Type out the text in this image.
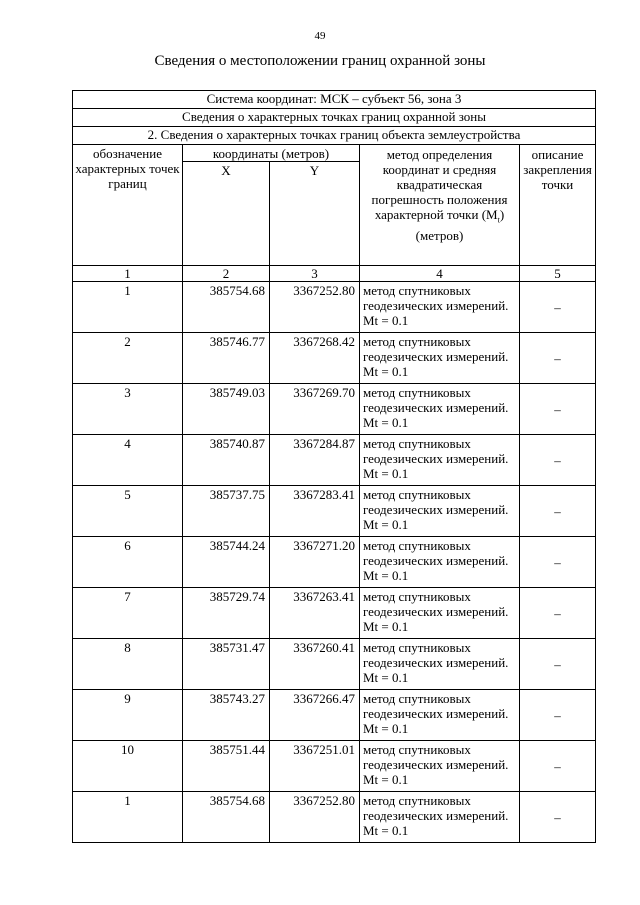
49
Сведения о местоположении границ охранной зоны
Система координат: МСК – субъект 56, зона 3				
Сведения о характерных точках границ охранной зоны				
2. Сведения о характерных точках границ объекта землеустройства				
обозначение характерных точек границ	координаты (метров)		метод определения координат и средняя квадратическая погрешность положения характерной точки $(M_t)$ (метров)	описание закрепления точки
	X	Y		
1	2	3	4	5
1	385754.68	3367252.80	метод спутниковых геодезических измерений. Mt = 0.1	–
2	385746.77	3367268.42	метод спутниковых геодезических измерений. Mt = 0.1	–
3	385749.03	3367269.70	метод спутниковых геодезических измерений. Mt = 0.1	–
4	385740.87	3367284.87	метод спутниковых геодезических измерений. Mt = 0.1	–
5	385737.75	3367283.41	метод спутниковых геодезических измерений. Mt = 0.1	–
6	385744.24	3367271.20	метод спутниковых геодезических измерений. Mt = 0.1	–
7	385729.74	3367263.41	метод спутниковых геодезических измерений. Mt = 0.1	–
8	385731.47	3367260.41	метод спутниковых геодезических измерений. Mt = 0.1	–
9	385743.27	3367266.47	метод спутниковых геодезических измерений. Mt = 0.1	–
10	385751.44	3367251.01	метод спутниковых геодезических измерений. Mt = 0.1	–
1	385754.68	3367252.80	метод спутниковых геодезических измерений. Mt = 0.1	–
